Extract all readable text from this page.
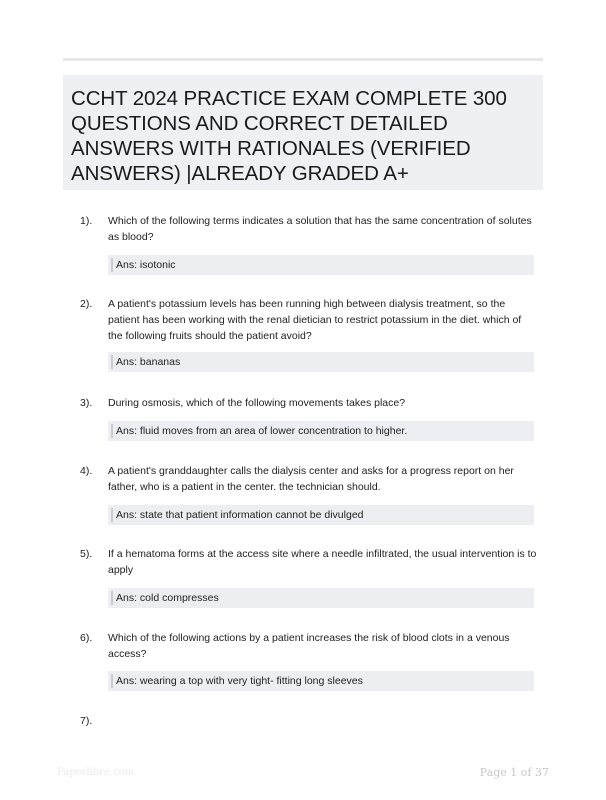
CCHT 2024 PRACTICE EXAM COMPLETE 300 QUESTIONS AND CORRECT DETAILED ANSWERS WITH RATIONALES (VERIFIED ANSWERS) |ALREADY GRADED A+
1).	Which of the following terms indicates a solution that has the same concentration of solutes as blood?
Ans: isotonic
2).	A patient's potassium levels has been running high between dialysis treatment, so the patient has been working with the renal dietician to restrict potassium in the diet. which of the following fruits should the patient avoid?
Ans: bananas
3).	During osmosis, which of the following movements takes place?
Ans: fluid moves from an area of lower concentration to higher.
4).	A patient's granddaughter calls the dialysis center and asks for a progress report on her father, who is a patient in the center. the technician should.
Ans: state that patient information cannot be divulged
5).	If a hematoma forms at the access site where a needle infiltrated, the usual intervention is to apply
Ans: cold compresses
6).	Which of the following actions by a patient increases the risk of blood clots in a venous access?
Ans: wearing a top with very tight- fitting long sleeves
7).
Paperlibre.com	Page 1 of 37
